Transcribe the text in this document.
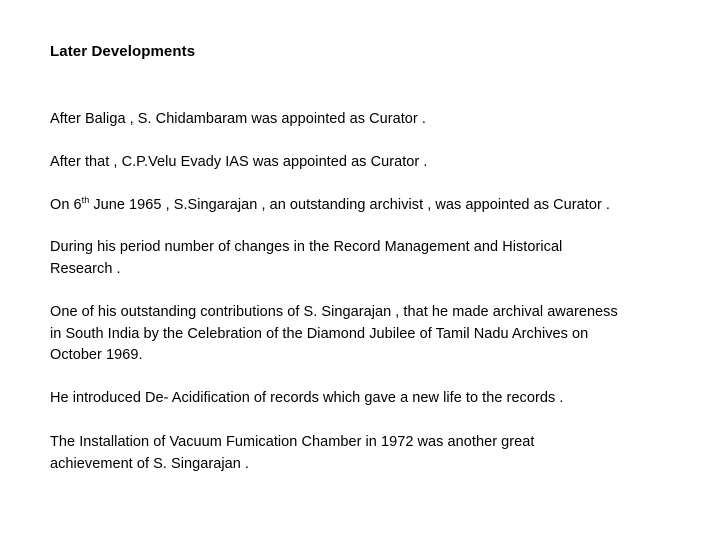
Later Developments
After Baliga , S. Chidambaram was appointed as Curator .
After that , C.P.Velu Evady IAS was appointed as Curator .
On 6th June 1965 , S.Singarajan , an outstanding archivist , was appointed as Curator .
During his period number of changes in the Record Management and Historical
Research .
One of his outstanding contributions of S. Singarajan , that he made archival awareness
in South India by the Celebration of the Diamond Jubilee of Tamil Nadu Archives on
October 1969.
He introduced De- Acidification of records which gave a new life to the records .
The Installation of Vacuum Fumication Chamber in 1972 was another great
achievement of S. Singarajan .
